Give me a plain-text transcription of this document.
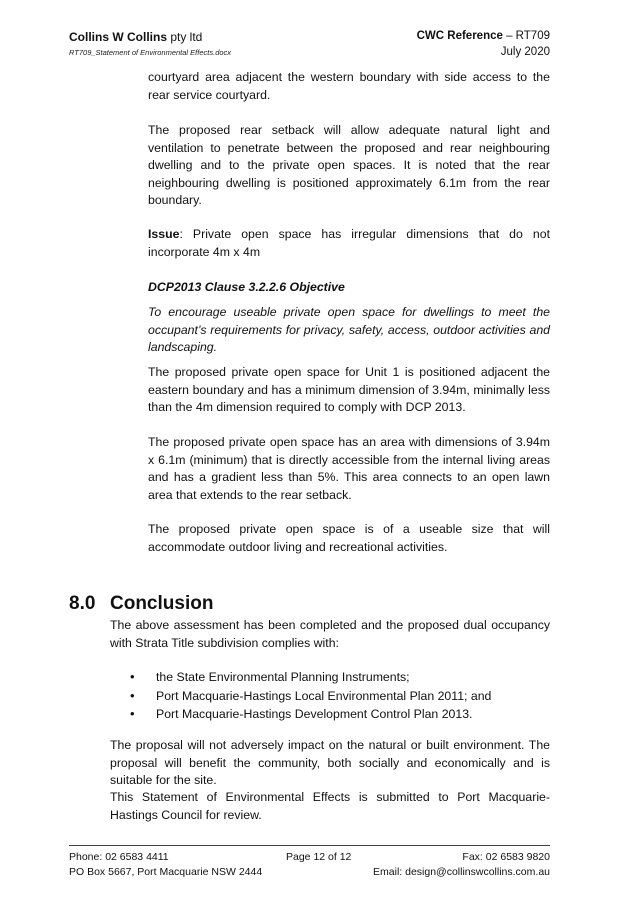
Collins W Collins pty ltd
RT709_Statement of Environmental Effects.docx
CWC Reference – RT709
July 2020

courtyard area adjacent the western boundary with side access to the rear service courtyard.

The proposed rear setback will allow adequate natural light and ventilation to penetrate between the proposed and rear neighbouring dwelling and to the private open spaces. It is noted that the rear neighbouring dwelling is positioned approximately 6.1m from the rear boundary.

Issue: Private open space has irregular dimensions that do not incorporate 4m x 4m

DCP2013 Clause 3.2.2.6 Objective

To encourage useable private open space for dwellings to meet the occupant’s requirements for privacy, safety, access, outdoor activities and landscaping.

The proposed private open space for Unit 1 is positioned adjacent the eastern boundary and has a minimum dimension of 3.94m, minimally less than the 4m dimension required to comply with DCP 2013.

The proposed private open space has an area with dimensions of 3.94m x 6.1m (minimum) that is directly accessible from the internal living areas and has a gradient less than 5%. This area connects to an open lawn area that extends to the rear setback.

The proposed private open space is of a useable size that will accommodate outdoor living and recreational activities.

8.0 Conclusion

The above assessment has been completed and the proposed dual occupancy with Strata Title subdivision complies with:

• the State Environmental Planning Instruments;
• Port Macquarie-Hastings Local Environmental Plan 2011; and
• Port Macquarie-Hastings Development Control Plan 2013.

The proposal will not adversely impact on the natural or built environment. The proposal will benefit the community, both socially and economically and is suitable for the site.

This Statement of Environmental Effects is submitted to Port Macquarie-Hastings Council for review.

Phone: 02 6583 4411
PO Box 5667, Port Macquarie NSW 2444
Page 12 of 12	Fax: 02 6583 9820
Email: design@collinswcollins.com.au
